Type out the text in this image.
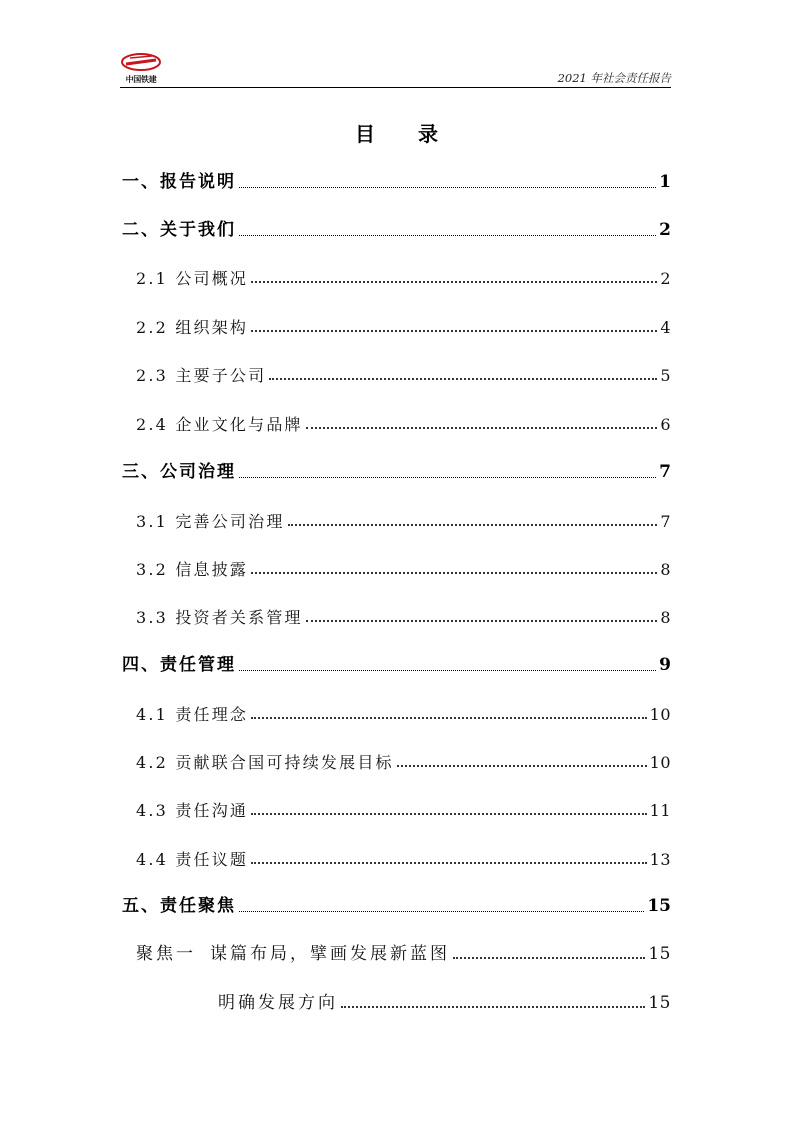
中国铁建	2021 年社会责任报告
目 录
一、报告说明	1
二、关于我们	2
2.1 公司概况	2
2.2 组织架构	4
2.3 主要子公司	5
2.4 企业文化与品牌	6
三、公司治理	7
3.1 完善公司治理	7
3.2 信息披露	8
3.3 投资者关系管理	8
四、责任管理	9
4.1 责任理念	10
4.2 贡献联合国可持续发展目标	10
4.3 责任沟通	11
4.4 责任议题	13
五、责任聚焦	15
聚焦一 谋篇布局，擘画发展新蓝图	15
明确发展方向	15
